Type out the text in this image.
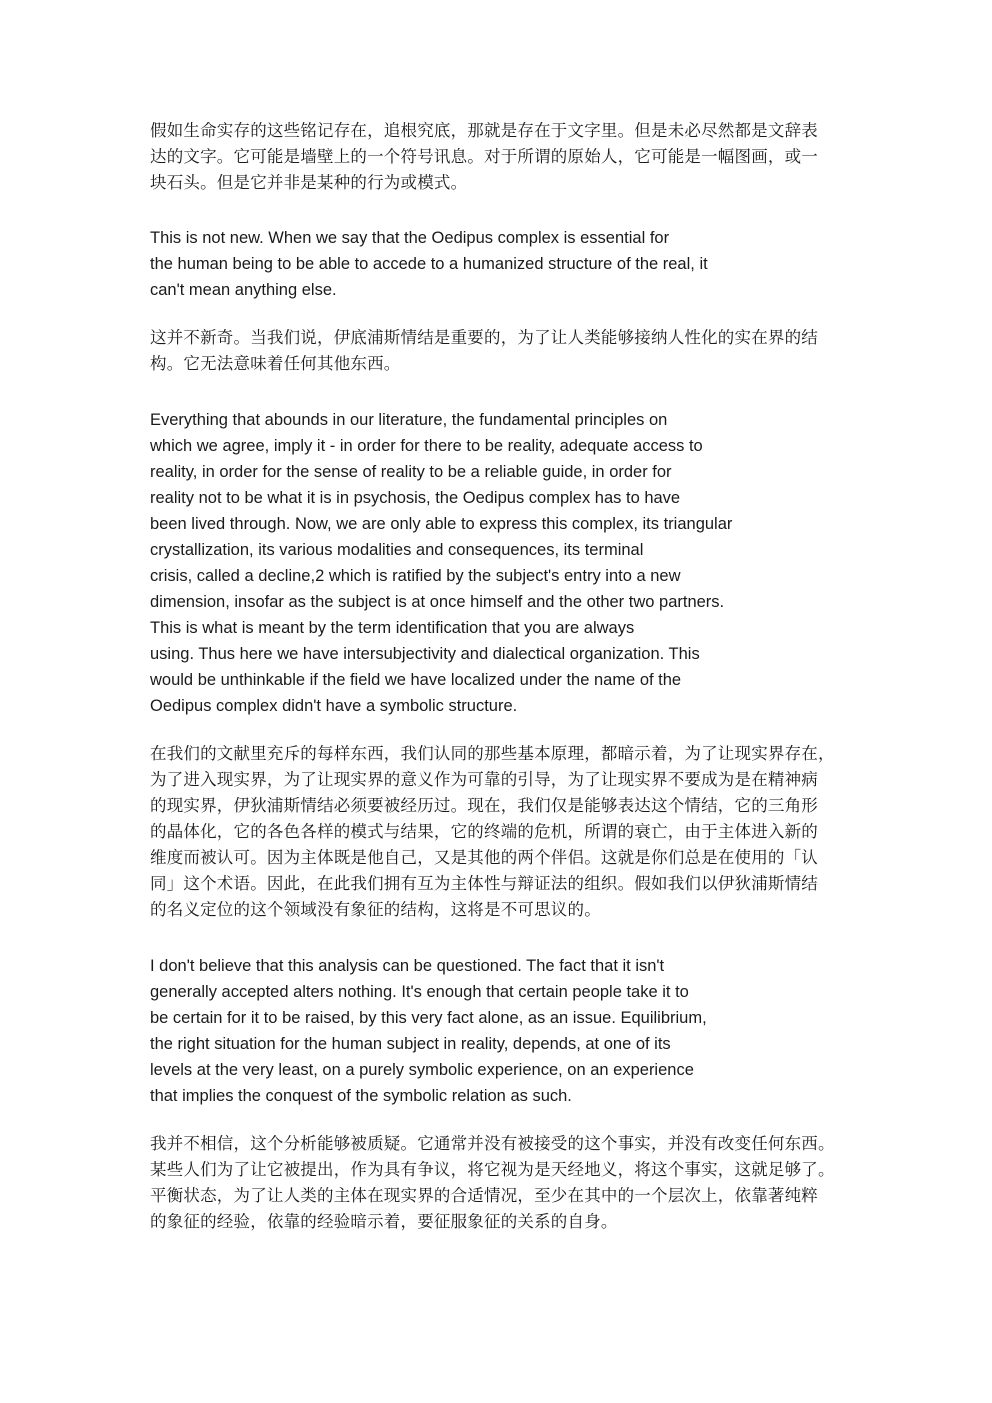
假如生命实存的这些铭记存在，追根究底，那就是存在于文字里。但是未必尽然都是文辞表
达的文字。它可能是墙壁上的一个符号讯息。对于所谓的原始人，它可能是一幅图画，或一
块石头。但是它并非是某种的行为或模式。

This is not new. When we say that the Oedipus complex is essential for
the human being to be able to accede to a humanized structure of the real, it
can't mean anything else.

这并不新奇。当我们说，伊底浦斯情结是重要的，为了让人类能够接纳人性化的实在界的结
构。它无法意味着任何其他东西。

Everything that abounds in our literature, the fundamental principles on
which we agree, imply it - in order for there to be reality, adequate access to
reality, in order for the sense of reality to be a reliable guide, in order for
reality not to be what it is in psychosis, the Oedipus complex has to have
been lived through. Now, we are only able to express this complex, its triangular
crystallization, its various modalities and consequences, its terminal
crisis, called a decline,2 which is ratified by the subject's entry into a new
dimension, insofar as the subject is at once himself and the other two partners.
This is what is meant by the term identification that you are always
using. Thus here we have intersubjectivity and dialectical organization. This
would be unthinkable if the field we have localized under the name of the
Oedipus complex didn't have a symbolic structure.

在我们的文献里充斥的每样东西，我们认同的那些基本原理，都暗示着，为了让现实界存在，
为了进入现实界，为了让现实界的意义作为可靠的引导，为了让现实界不要成为是在精神病
的现实界，伊狄浦斯情结必须要被经历过。现在，我们仅是能够表达这个情结，它的三角形
的晶体化，它的各色各样的模式与结果，它的终端的危机，所谓的衰亡，由于主体进入新的
维度而被认可。因为主体既是他自己，又是其他的两个伴侣。这就是你们总是在使用的「认
同」这个术语。因此，在此我们拥有互为主体性与辩证法的组织。假如我们以伊狄浦斯情结
的名义定位的这个领域没有象征的结构，这将是不可思议的。

I don't believe that this analysis can be questioned. The fact that it isn't
generally accepted alters nothing. It's enough that certain people take it to
be certain for it to be raised, by this very fact alone, as an issue. Equilibrium,
the right situation for the human subject in reality, depends, at one of its
levels at the very least, on a purely symbolic experience, on an experience
that implies the conquest of the symbolic relation as such.

我并不相信，这个分析能够被质疑。它通常并没有被接受的这个事实，并没有改变任何东西。
某些人们为了让它被提出，作为具有争议，将它视为是天经地义，将这个事实，这就足够了。
平衡状态，为了让人类的主体在现实界的合适情况，至少在其中的一个层次上，依靠著纯粹
的象征的经验，依靠的经验暗示着，要征服象征的关系的自身。
